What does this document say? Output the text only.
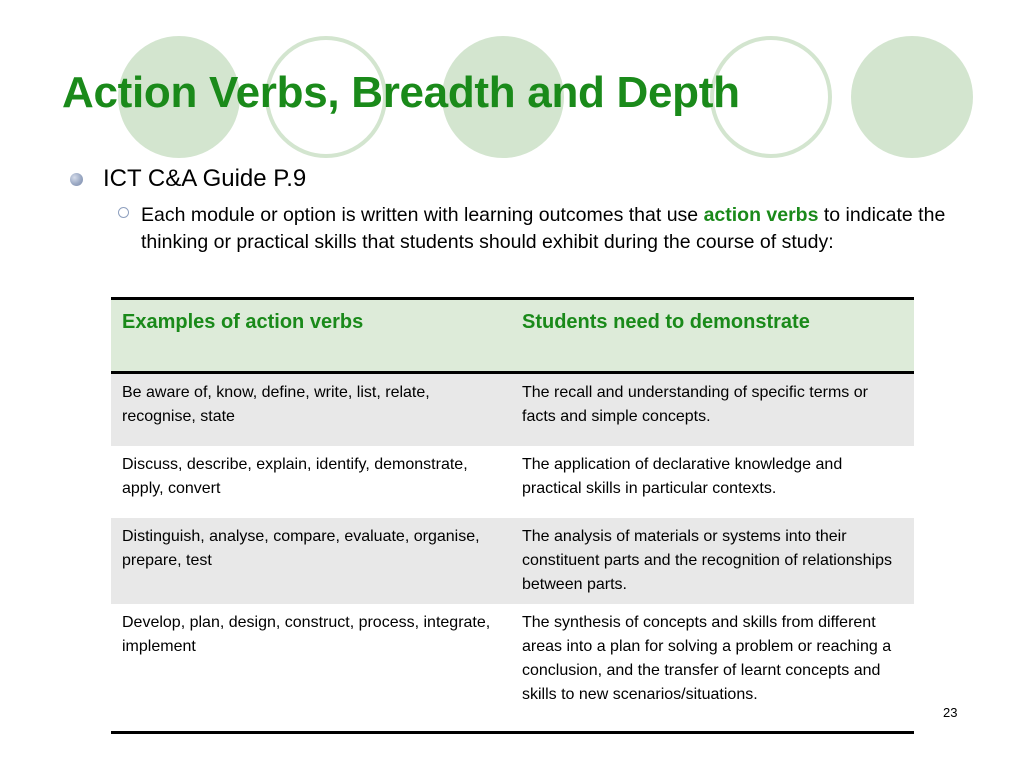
Action Verbs, Breadth and Depth
ICT C&A Guide P.9
Each module or option is written with learning outcomes that use action verbs to indicate the thinking or practical skills that students should exhibit during the course of study:
Examples of action verbs	Students need to demonstrate
Be aware of, know, define, write, list, relate, recognise, state	The recall and understanding of specific terms or facts and simple concepts.
Discuss, describe, explain, identify, demonstrate, apply, convert	The application of declarative knowledge and practical skills in particular contexts.
Distinguish, analyse, compare, evaluate, organise, prepare, test	The analysis of materials or systems into their constituent parts and the recognition of relationships between parts.
Develop, plan, design, construct, process, integrate, implement	The synthesis of concepts and skills from different areas into a plan for solving a problem or reaching a conclusion, and the transfer of learnt concepts and skills to new scenarios/situations.
23
